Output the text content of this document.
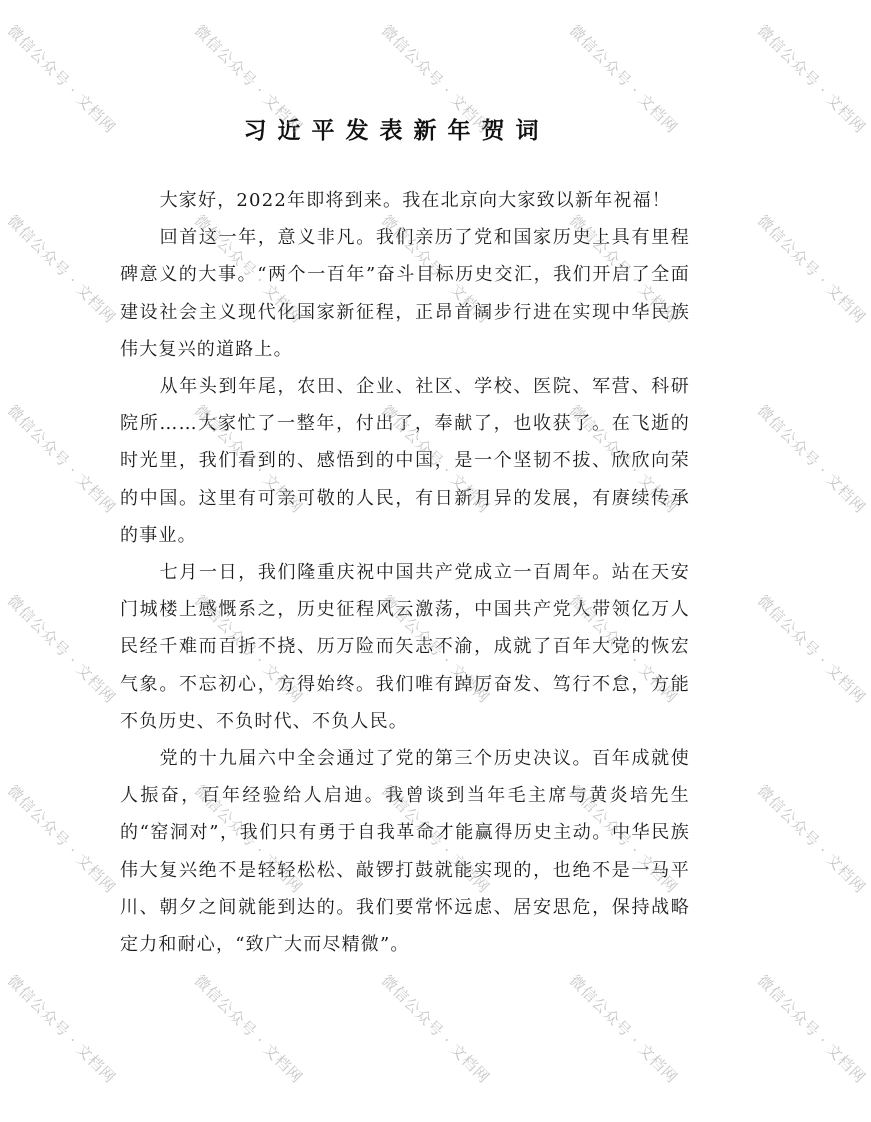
习近平发表新年贺词

大家好，2022年即将到来。我在北京向大家致以新年祝福！

回首这一年，意义非凡。我们亲历了党和国家历史上具有里程碑意义的大事。“两个一百年”奋斗目标历史交汇，我们开启了全面建设社会主义现代化国家新征程，正昂首阔步行进在实现中华民族伟大复兴的道路上。

从年头到年尾，农田、企业、社区、学校、医院、军营、科研院所……大家忙了一整年，付出了，奉献了，也收获了。在飞逝的时光里，我们看到的、感悟到的中国，是一个坚韧不拔、欣欣向荣的中国。这里有可亲可敬的人民，有日新月异的发展，有赓续传承的事业。

七月一日，我们隆重庆祝中国共产党成立一百周年。站在天安门城楼上感慨系之，历史征程风云激荡，中国共产党人带领亿万人民经千难而百折不挠、历万险而矢志不渝，成就了百年大党的恢宏气象。不忘初心，方得始终。我们唯有踔厉奋发、笃行不怠，方能不负历史、不负时代、不负人民。

党的十九届六中全会通过了党的第三个历史决议。百年成就使人振奋，百年经验给人启迪。我曾谈到当年毛主席与黄炎培先生的“窑洞对”，我们只有勇于自我革命才能赢得历史主动。中华民族伟大复兴绝不是轻轻松松、敲锣打鼓就能实现的，也绝不是一马平川、朝夕之间就能到达的。我们要常怀远虑、居安思危，保持战略定力和耐心，“致广大而尽精微”。

微信公众号 · 文档网	微信公众号 · 文档网	微信公众号 · 文档网	微信公众号 · 文档网	微信公众号 · 文档网
微信公众号 · 文档网	微信公众号 · 文档网	微信公众号 · 文档网	微信公众号 · 文档网	微信公众号 · 文档网
微信公众号 · 文档网	微信公众号 · 文档网	微信公众号 · 文档网	微信公众号 · 文档网	微信公众号 · 文档网
微信公众号 · 文档网	微信公众号 · 文档网	微信公众号 · 文档网	微信公众号 · 文档网	微信公众号 · 文档网
微信公众号 · 文档网	微信公众号 · 文档网	微信公众号 · 文档网	微信公众号 · 文档网	微信公众号 · 文档网
微信公众号 · 文档网	微信公众号 · 文档网	微信公众号 · 文档网	微信公众号 · 文档网	微信公众号 · 文档网
